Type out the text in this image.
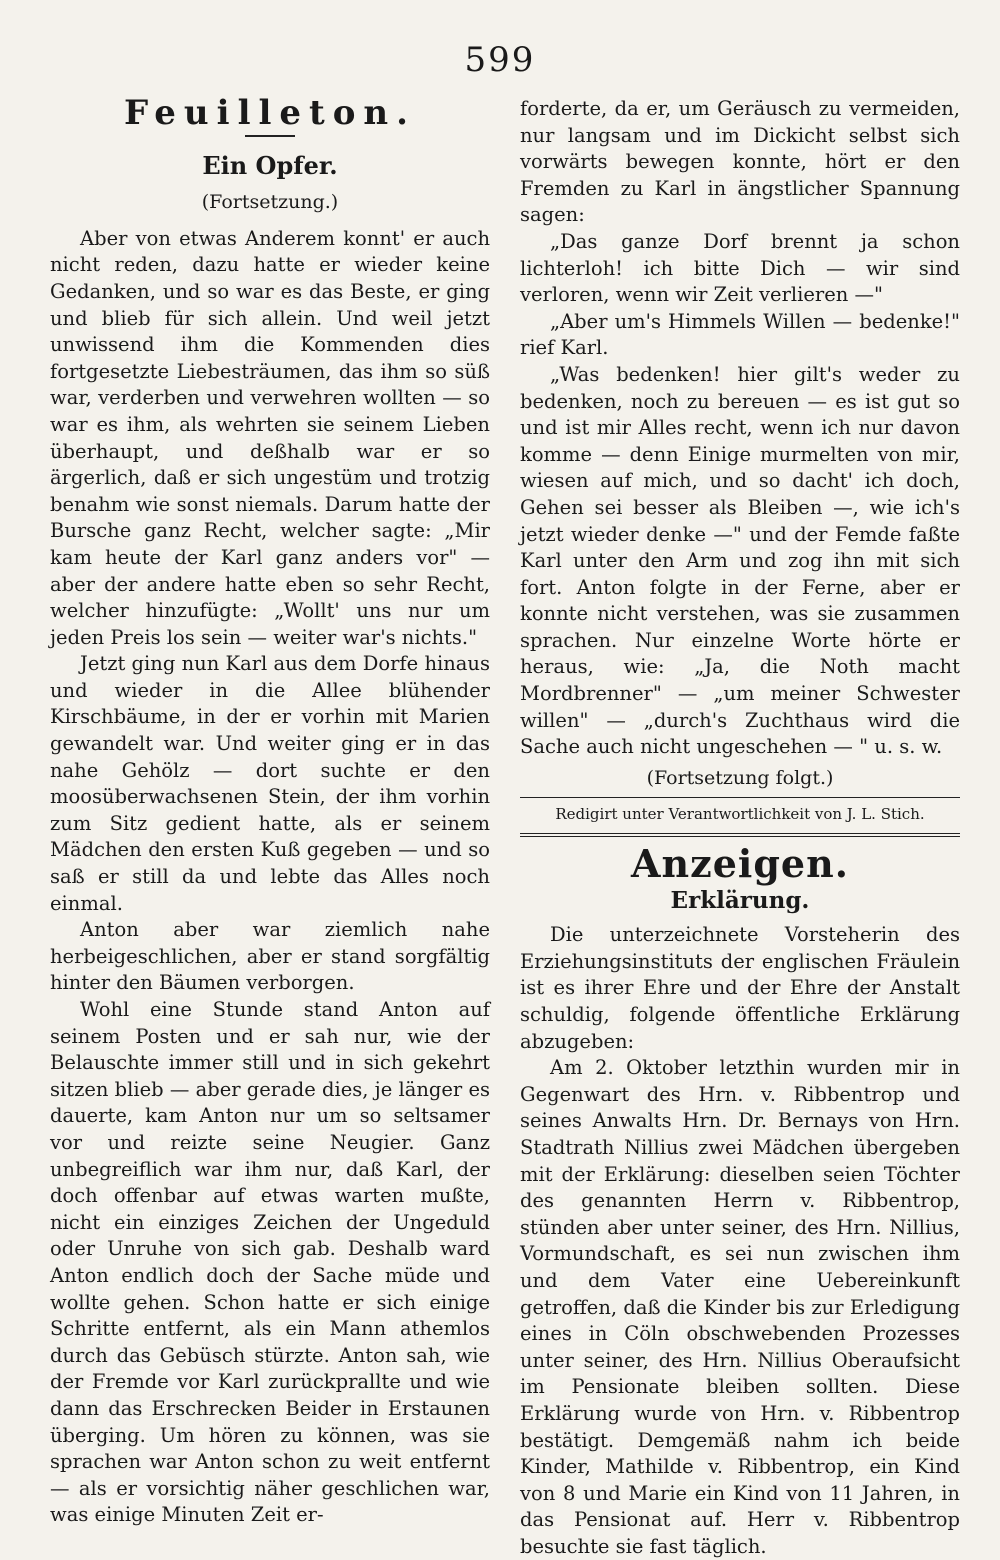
599
Feuilleton.
Ein Opfer.
(Fortsetzung.)

Aber von etwas Anderem konnt' er auch nicht reden, dazu hatte er wieder keine Gedanken, und so war es das Beste, er ging und blieb für sich allein. Und weil jetzt unwissend ihm die Kommenden dies fortgesetzte Liebesträumen, das ihm so süß war, verderben und verwehren wollten — so war es ihm, als wehrten sie seinem Lieben überhaupt, und deßhalb war er so ärgerlich, daß er sich ungestüm und trotzig benahm wie sonst niemals. Darum hatte der Bursche ganz Recht, welcher sagte: „Mir kam heute der Karl ganz anders vor" — aber der andere hatte eben so sehr Recht, welcher hinzufügte: „Wollt' uns nur um jeden Preis los sein — weiter war's nichts."

Jetzt ging nun Karl aus dem Dorfe hinaus und wieder in die Allee blühender Kirschbäume, in der er vorhin mit Marien gewandelt war. Und weiter ging er in das nahe Gehölz — dort suchte er den moosüberwachsenen Stein, der ihm vorhin zum Sitz gedient hatte, als er seinem Mädchen den ersten Kuß gegeben — und so saß er still da und lebte das Alles noch einmal.

Anton aber war ziemlich nahe herbeigeschlichen, aber er stand sorgfältig hinter den Bäumen verborgen.

Wohl eine Stunde stand Anton auf seinem Posten und er sah nur, wie der Belauschte immer still und in sich gekehrt sitzen blieb — aber gerade dies, je länger es dauerte, kam Anton nur um so seltsamer vor und reizte seine Neugier. Ganz unbegreiflich war ihm nur, daß Karl, der doch offenbar auf etwas warten mußte, nicht ein einziges Zeichen der Ungeduld oder Unruhe von sich gab. Deshalb ward Anton endlich doch der Sache müde und wollte gehen. Schon hatte er sich einige Schritte entfernt, als ein Mann athemlos durch das Gebüsch stürzte. Anton sah, wie der Fremde vor Karl zurückprallte und wie dann das Erschrecken Beider in Erstaunen überging. Um hören zu können, was sie sprachen war Anton schon zu weit entfernt — als er vorsichtig näher geschlichen war, was einige Minuten Zeit er-

forderte, da er, um Geräusch zu vermeiden, nur langsam und im Dickicht selbst sich vorwärts bewegen konnte, hört er den Fremden zu Karl in ängstlicher Spannung sagen:

„Das ganze Dorf brennt ja schon lichterloh! ich bitte Dich — wir sind verloren, wenn wir Zeit verlieren —"

„Aber um's Himmels Willen — bedenke!" rief Karl.

„Was bedenken! hier gilt's weder zu bedenken, noch zu bereuen — es ist gut so und ist mir Alles recht, wenn ich nur davon komme — denn Einige murmelten von mir, wiesen auf mich, und so dacht' ich doch, Gehen sei besser als Bleiben —, wie ich's jetzt wieder denke —" und der Femde faßte Karl unter den Arm und zog ihn mit sich fort. Anton folgte in der Ferne, aber er konnte nicht verstehen, was sie zusammen sprachen. Nur einzelne Worte hörte er heraus, wie: „Ja, die Noth macht Mordbrenner" — „um meiner Schwester willen" — „durch's Zuchthaus wird die Sache auch nicht ungeschehen — " u. s. w.

(Fortsetzung folgt.)
Redigirt unter Verantwortlichkeit von J. L. Stich.
Anzeigen.
Erklärung.

Die unterzeichnete Vorsteherin des Erziehungsinstituts der englischen Fräulein ist es ihrer Ehre und der Ehre der Anstalt schuldig, folgende öffentliche Erklärung abzugeben:

Am 2. Oktober letzthin wurden mir in Gegenwart des Hrn. v. Ribbentrop und seines Anwalts Hrn. Dr. Bernays von Hrn. Stadtrath Nillius zwei Mädchen übergeben mit der Erklärung: dieselben seien Töchter des genannten Herrn v. Ribbentrop, stünden aber unter seiner, des Hrn. Nillius, Vormundschaft, es sei nun zwischen ihm und dem Vater eine Uebereinkunft getroffen, daß die Kinder bis zur Erledigung eines in Cöln obschwebenden Prozesses unter seiner, des Hrn. Nillius Oberaufsicht im Pensionate bleiben sollten. Diese Erklärung wurde von Hrn. v. Ribbentrop bestätigt. Demgemäß nahm ich beide Kinder, Mathilde v. Ribbentrop, ein Kind von 8 und Marie ein Kind von 11 Jahren, in das Pensionat auf. Herr v. Ribbentrop besuchte sie fast täglich.
